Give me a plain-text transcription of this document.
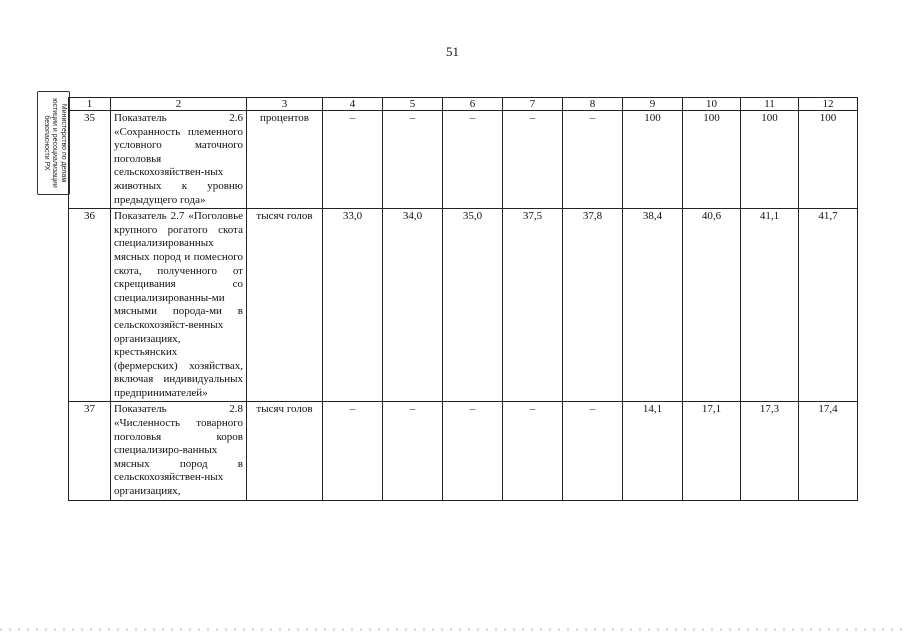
51
Министерство по делам
юстиции и ресоциализации
безопасности РХ
1	2	3	4	5	6	7	8	9	10	11	12
35	Показатель 2.6 «Сохранность племенного условного маточного поголовья сельскохозяйствен-ных животных к уровню предыдущего года»	процентов	–	–	–	–	–	100	100	100	100
36	Показатель 2.7 «Поголовье крупного рогатого скота специализированных мясных пород и помесного скота, полученного от скрещивания со специализированны-ми мясными порода-ми в сельскохозяйст-венных организациях, крестьянских (фермерских) хозяйствах, включая индивидуальных предпринимателей»	тысяч голов	33,0	34,0	35,0	37,5	37,8	38,4	40,6	41,1	41,7
37	Показатель 2.8 «Численность товарного поголовья коров специализиро-ванных мясных пород в сельскохозяйствен-ных организациях,	тысяч голов	–	–	–	–	–	14,1	17,1	17,3	17,4
